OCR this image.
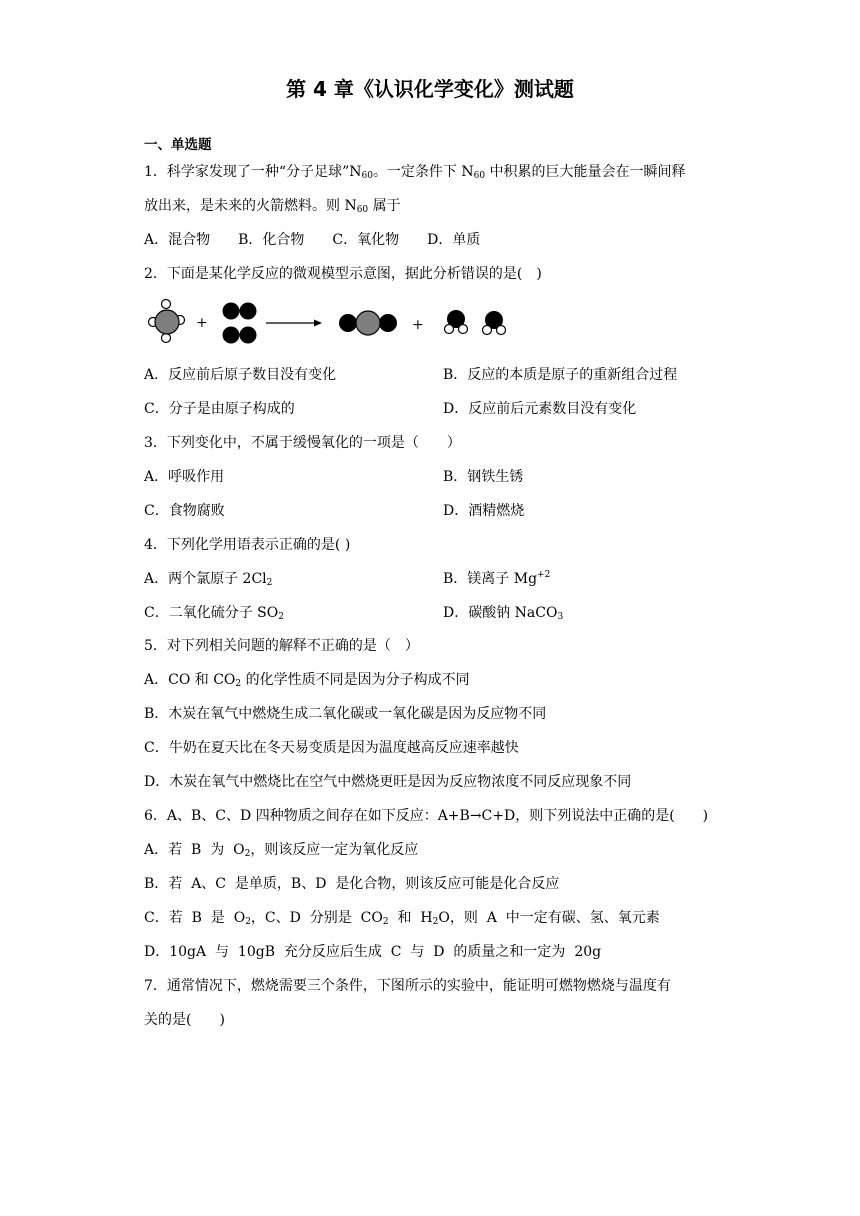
第 4 章《认识化学变化》测试题
一、单选题
1．科学家发现了一种“分子足球$”N_{60}$。一定条件下 $N_{60}$ 中积累的巨大能量会在一瞬间释
放出来，是未来的火箭燃料。则 $N_{60}$ 属于
A．混合物　　B．化合物　　C．氧化物　　D．单质
2．下面是某化学反应的微观模型示意图，据此分析错误的是(　)
+	+
A．反应前后原子数目没有变化	B．反应的本质是原子的重新组合过程
C．分子是由原子构成的	D．反应前后元素数目没有变化
3．下列变化中，不属于缓慢氧化的一项是（　　）
A．呼吸作用	B．钢铁生锈
C．食物腐败	D．酒精燃烧
4．下列化学用语表示正确的是( )
A．两个氯原子 $2Cl_2$	B．镁离子 $Mg^{+2}$
C．二氧化硫分子 $SO_2$	D．碳酸钠 NaCO$_3$
5．对下列相关问题的解释不正确的是（　）
A．CO 和 $CO_2$ 的化学性质不同是因为分子构成不同
B．木炭在氧气中燃烧生成二氧化碳或一氧化碳是因为反应物不同
C．牛奶在夏天比在冬天易变质是因为温度越高反应速率越快
D．木炭在氧气中燃烧比在空气中燃烧更旺是因为反应物浓度不同反应现象不同
6．A、B、C、D 四种物质之间存在如下反应：A+B→C+D，则下列说法中正确的是(　　)
A．若  B  为  $O_2$，则该反应一定为氧化反应
B．若  A、C  是单质，B、D  是化合物，则该反应可能是化合反应
C．若  B  是  $O_2$，C、D  分别是  $CO_2$  和  $H_2O$，则  A  中一定有碳、氢、氧元素
D．10gA  与  10gB  充分反应后生成  C  与  D  的质量之和一定为  20g
7．通常情况下，燃烧需要三个条件，下图所示的实验中，能证明可燃物燃烧与温度有
关的是(　　)
